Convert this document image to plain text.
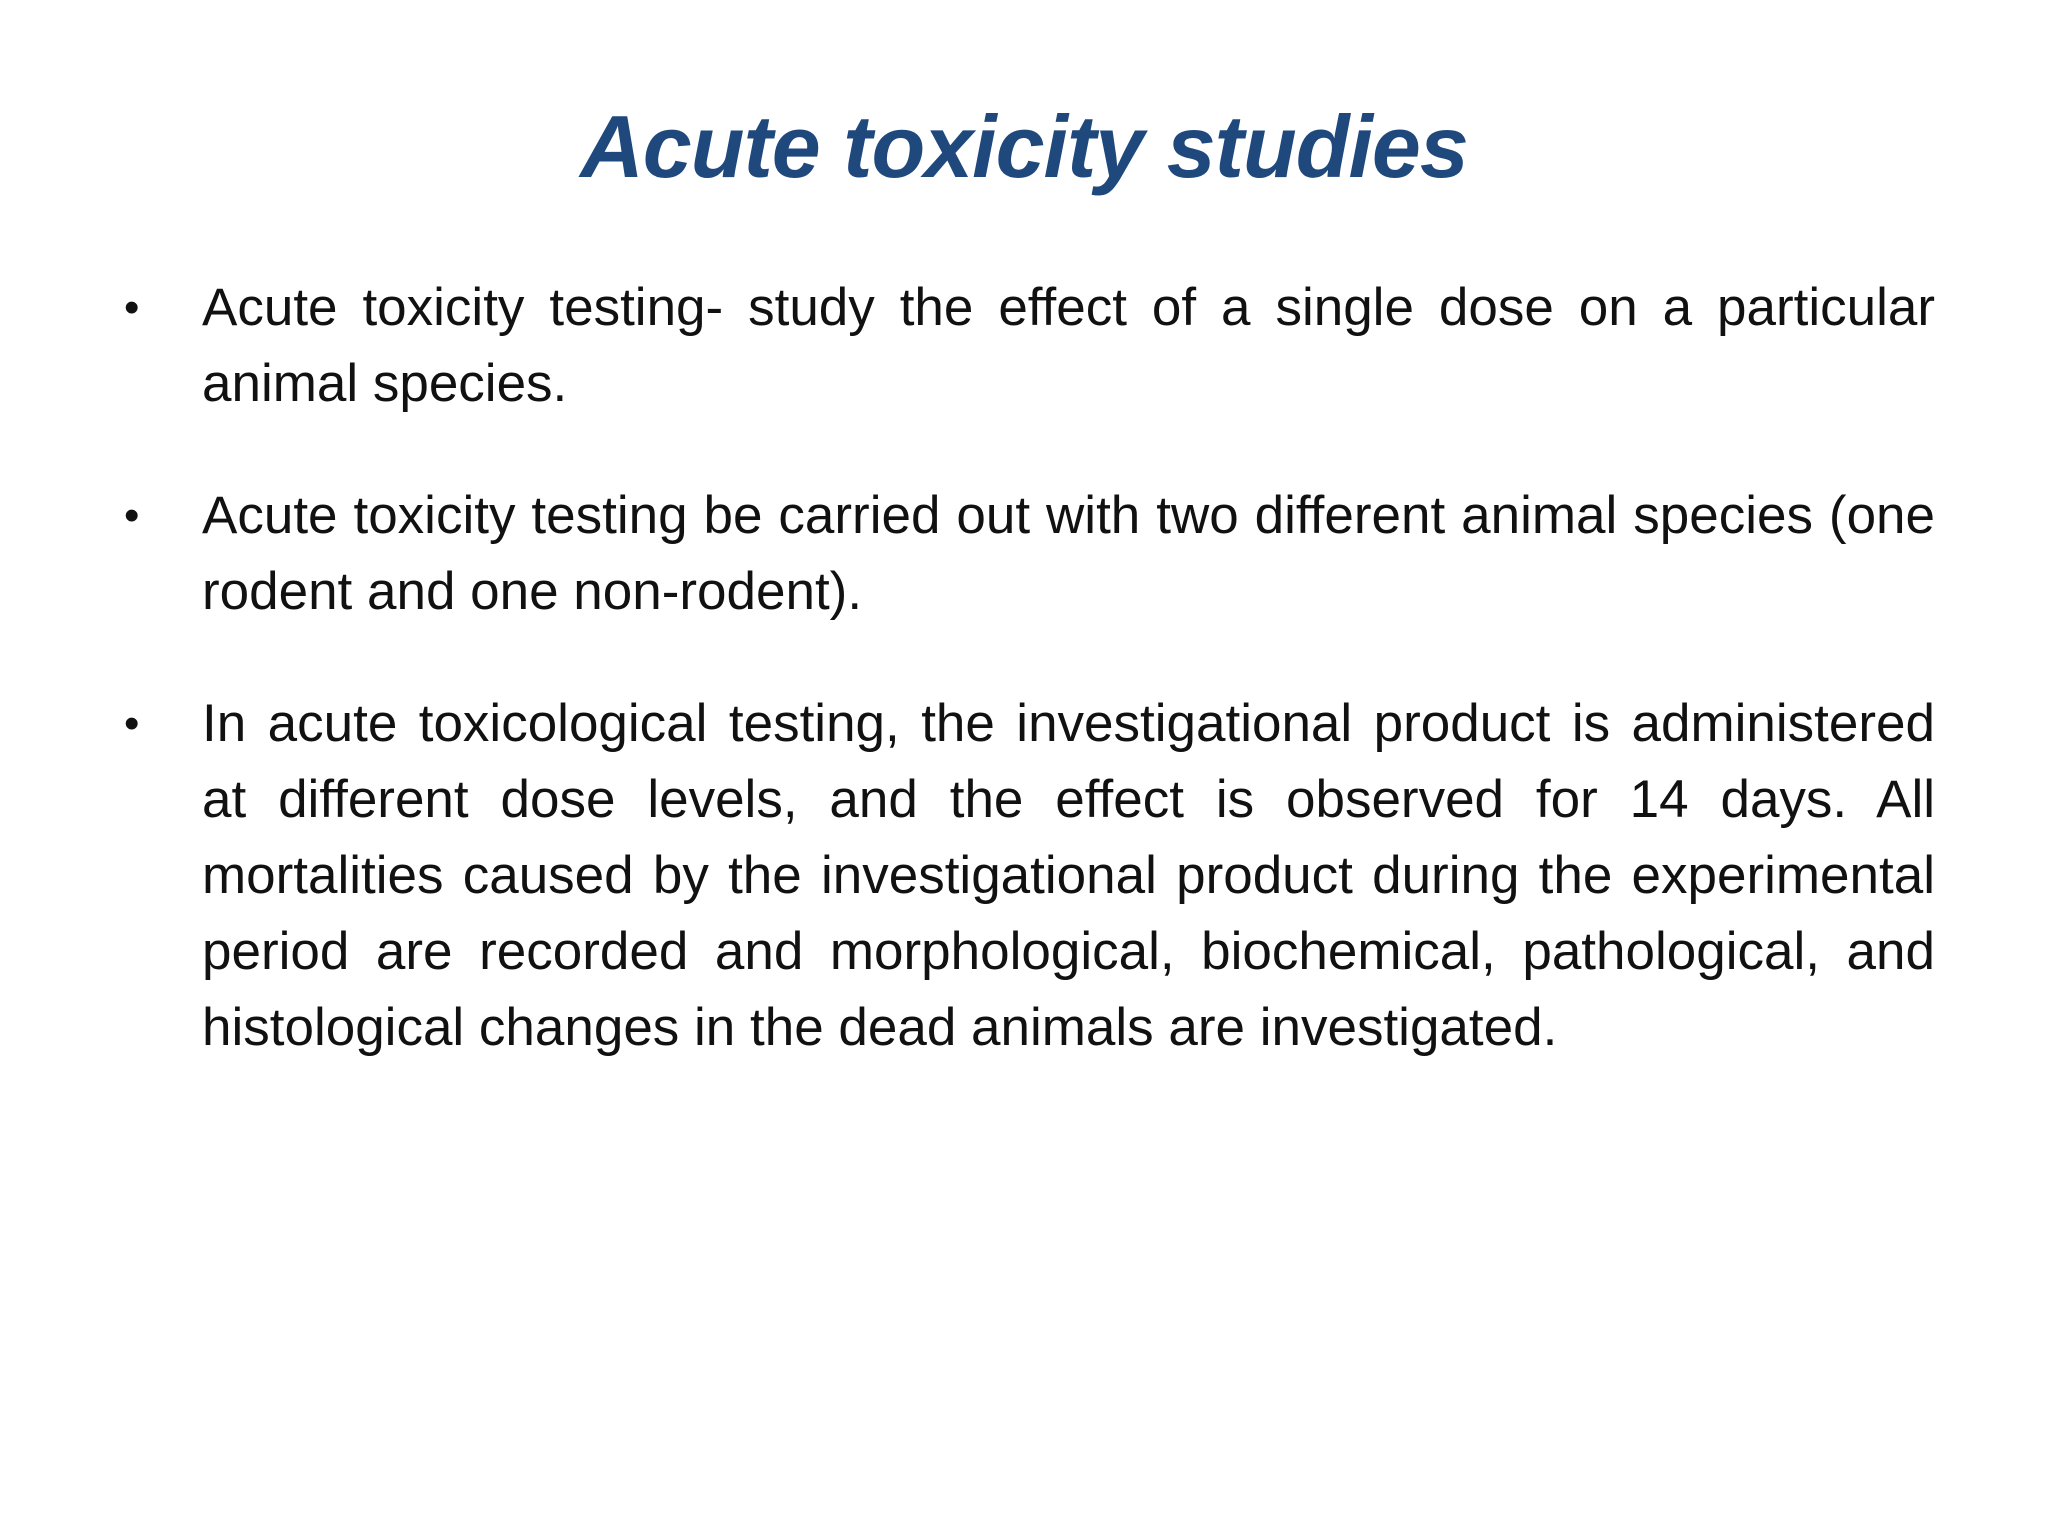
Acute toxicity studies
• Acute toxicity testing- study the effect of a single dose on a particular animal species.
• Acute toxicity testing be carried out with two different animal species (one rodent and one non-rodent).
• In acute toxicological testing, the investigational product is administered at different dose levels, and the effect is observed for 14 days. All mortalities caused by the investigational product during the experimental period are recorded and morphological, biochemical, pathological, and histological changes in the dead animals are investigated.
